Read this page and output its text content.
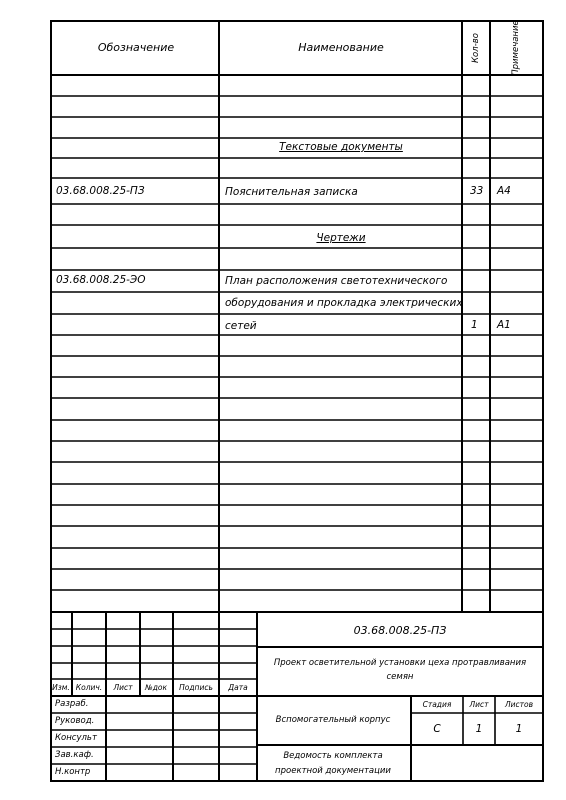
Обозначение	Наименование	Кол-во	Примечание
Текстовые документы
03.68.008.25-ПЗ	Пояснительная записка	33 А4
Чертежи
03.68.008.25-ЭО	План расположения светотехнического
оборудования и прокладка электрических
сетей	1 А1
03.68.008.25-ПЗ
Проект осветительной установки цеха протравливания
семян
Вспомогательный корпус
Ведомость комплекта
проектной документации
Стадия Лист Листов
С	1	1
Изм. Колич. Лист №док Подпись Дата
Разраб.
Руковод.
Консульт
Зав.каф.
Н.контр
